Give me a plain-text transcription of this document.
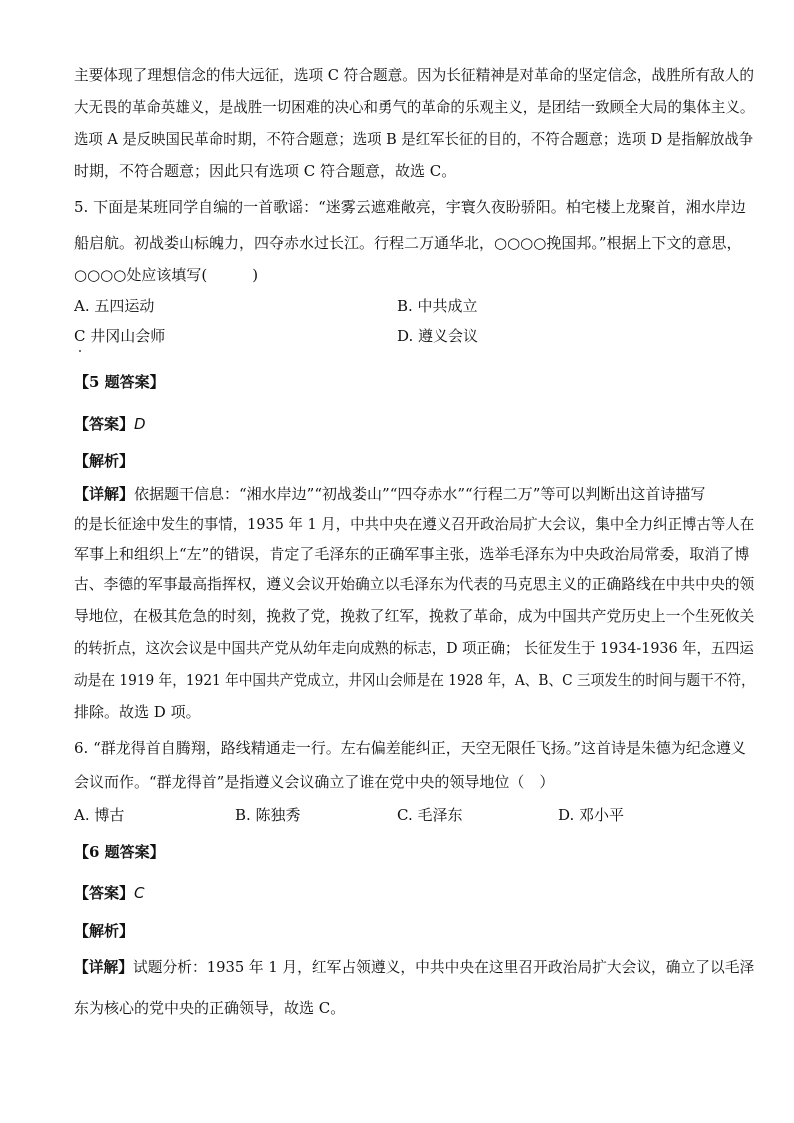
主要体现了理想信念的伟大远征，选项 C 符合题意。因为长征精神是对革命的坚定信念，战胜所有敌人的
大无畏的革命英雄义，是战胜一切困难的决心和勇气的革命的乐观主义，是团结一致顾全大局的集体主义。
选项 A 是反映国民革命时期，不符合题意；选项 B 是红军长征的目的，不符合题意；选项 D 是指解放战争
时期，不符合题意；因此只有选项 C 符合题意，故选 C。
5. 下面是某班同学自编的一首歌谣：“迷雾云遮难敞亮，宇寰久夜盼骄阳。柏宅楼上龙聚首，湘水岸边
船启航。初战娄山标魄力，四夺赤水过长江。行程二万通华北，○○○○挽国邦。”根据上下文的意思，
○○○○处应该填写(　　　)
A. 五四运动	B. 中共成立
C 井冈山会师	D. 遵义会议
【5 题答案】
【答案】D
【解析】
【详解】依据题干信息：“湘水岸边”“初战娄山”“四夺赤水”“行程二万”等可以判断出这首诗描写
的是长征途中发生的事情，1935 年 1 月，中共中央在遵义召开政治局扩大会议，集中全力纠正博古等人在
军事上和组织上“左”的错误，肯定了毛泽东的正确军事主张，选举毛泽东为中央政治局常委，取消了博
古、李德的军事最高指挥权，遵义会议开始确立以毛泽东为代表的马克思主义的正确路线在中共中央的领
导地位，在极其危急的时刻，挽救了党，挽救了红军，挽救了革命，成为中国共产党历史上一个生死攸关
的转折点，这次会议是中国共产党从幼年走向成熟的标志，D 项正确； 长征发生于 1934-1936 年，五四运
动是在 1919 年，1921 年中国共产党成立，井冈山会师是在 1928 年，A、B、C 三项发生的时间与题干不符，
排除。故选 D 项。
6. “群龙得首自腾翔，路线精通走一行。左右偏差能纠正，天空无限任飞扬。”这首诗是朱德为纪念遵义
会议而作。“群龙得首”是指遵义会议确立了谁在党中央的领导地位（　）
A. 博古	B. 陈独秀	C. 毛泽东	D. 邓小平
【6 题答案】
【答案】C
【解析】
【详解】试题分析：1935 年 1 月，红军占领遵义，中共中央在这里召开政治局扩大会议，确立了以毛泽
东为核心的党中央的正确领导，故选 C。
